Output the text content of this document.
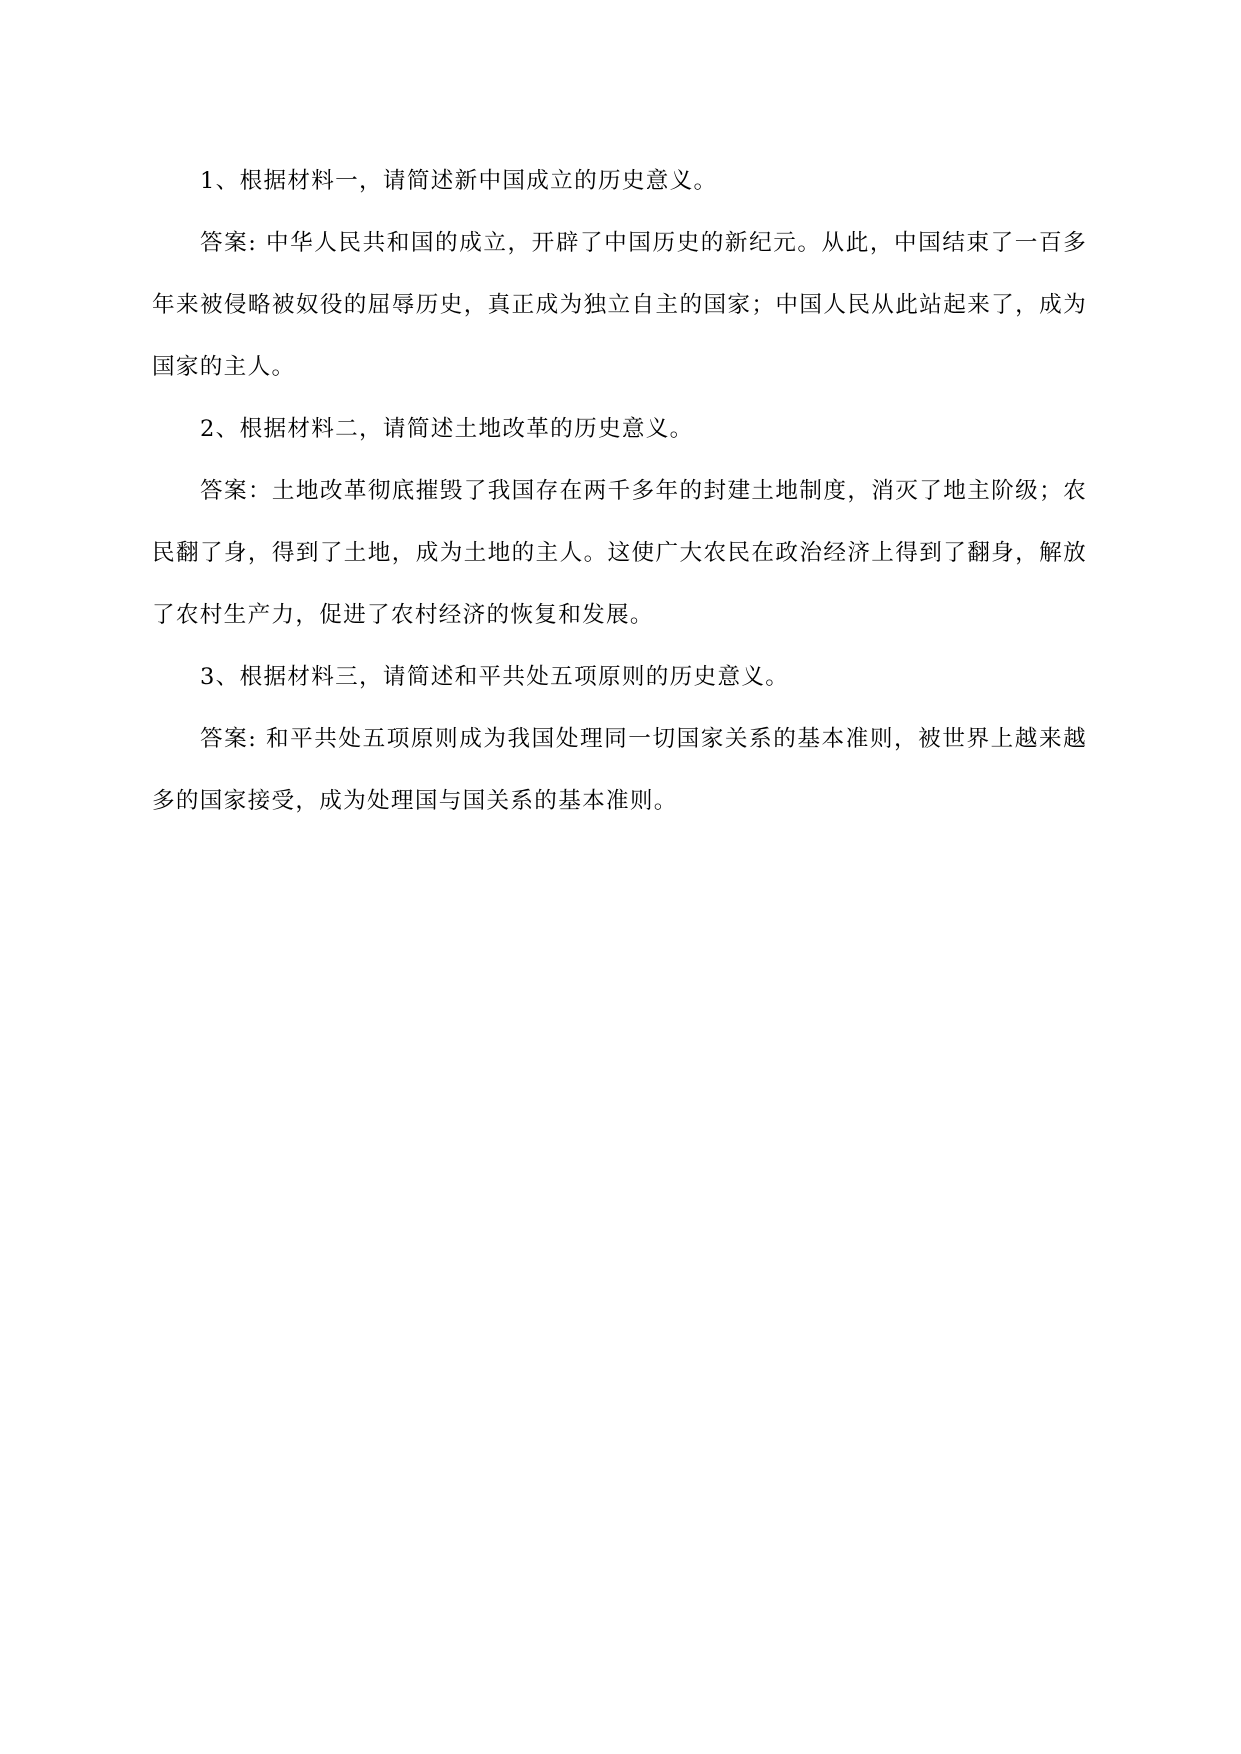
1、根据材料一，请简述新中国成立的历史意义。

答案: 中华人民共和国的成立，开辟了中国历史的新纪元。从此，中国结束了一百多年来被侵略被奴役的屈辱历史，真正成为独立自主的国家；中国人民从此站起来了，成为国家的主人。

2、根据材料二，请简述土地改革的历史意义。

答案：土地改革彻底摧毁了我国存在两千多年的封建土地制度，消灭了地主阶级；农民翻了身，得到了土地，成为土地的主人。这使广大农民在政治经济上得到了翻身，解放了农村生产力，促进了农村经济的恢复和发展。

3、根据材料三，请简述和平共处五项原则的历史意义。

答案: 和平共处五项原则成为我国处理同一切国家关系的基本准则，被世界上越来越多的国家接受，成为处理国与国关系的基本准则。
